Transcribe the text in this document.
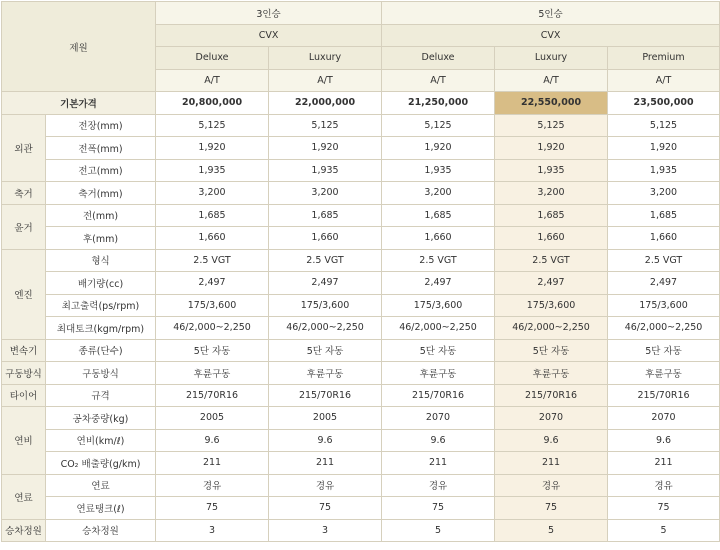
제원		3인승		5인승		
		CVX		CVX		
		Deluxe	Luxury	Deluxe	Luxury	Premium
		A/T	A/T	A/T	A/T	A/T
기본가격		20,800,000	22,000,000	21,250,000	22,550,000	23,500,000
외관	전장(mm)	5,125	5,125	5,125	5,125	5,125
	전폭(mm)	1,920	1,920	1,920	1,920	1,920
	전고(mm)	1,935	1,935	1,935	1,935	1,935
축거	축거(mm)	3,200	3,200	3,200	3,200	3,200
윤거	전(mm)	1,685	1,685	1,685	1,685	1,685
	후(mm)	1,660	1,660	1,660	1,660	1,660
엔진	형식	2.5 VGT	2.5 VGT	2.5 VGT	2.5 VGT	2.5 VGT
	배기량(cc)	2,497	2,497	2,497	2,497	2,497
	최고출력(ps/rpm)	175/3,600	175/3,600	175/3,600	175/3,600	175/3,600
	최대토크(kgm/rpm)	46/2,000~2,250	46/2,000~2,250	46/2,000~2,250	46/2,000~2,250	46/2,000~2,250
변속기	종류(단수)	5단 자동	5단 자동	5단 자동	5단 자동	5단 자동
구동방식	구동방식	후륜구동	후륜구동	후륜구동	후륜구동	후륜구동
타이어	규격	215/70R16	215/70R16	215/70R16	215/70R16	215/70R16
연비	공차중량(kg)	2005	2005	2070	2070	2070
	연비(km/ℓ)	9.6	9.6	9.6	9.6	9.6
	CO₂ 배출량(g/km)	211	211	211	211	211
연료	연료	경유	경유	경유	경유	경유
	연료탱크(ℓ)	75	75	75	75	75
승차정원	승차정원	3	3	5	5	5
